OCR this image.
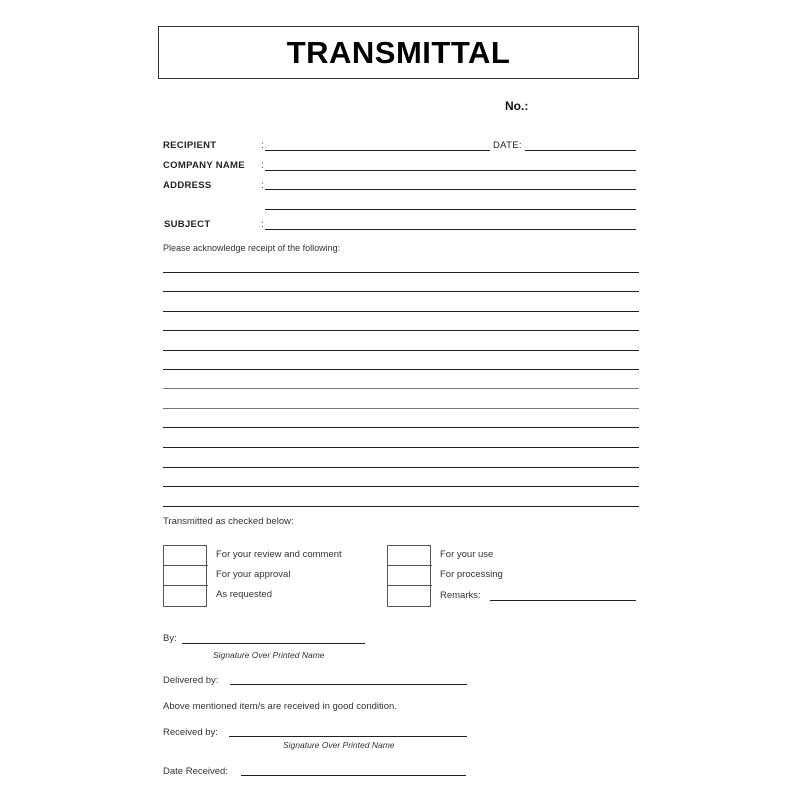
TRANSMITTAL
No.:
RECIPIENT	:	DATE:
COMPANY NAME :
ADDRESS	:
SUBJECT	:
Please acknowledge receipt of the following:
Transmitted as checked below:
For your review and comment
For your approval
As requested
For your use
For processing
Remarks:
By:
Signature Over Printed Name
Delivered by:
Above mentioned item/s are received in good condition.
Received by:
Signature Over Printed Name
Date Received:
